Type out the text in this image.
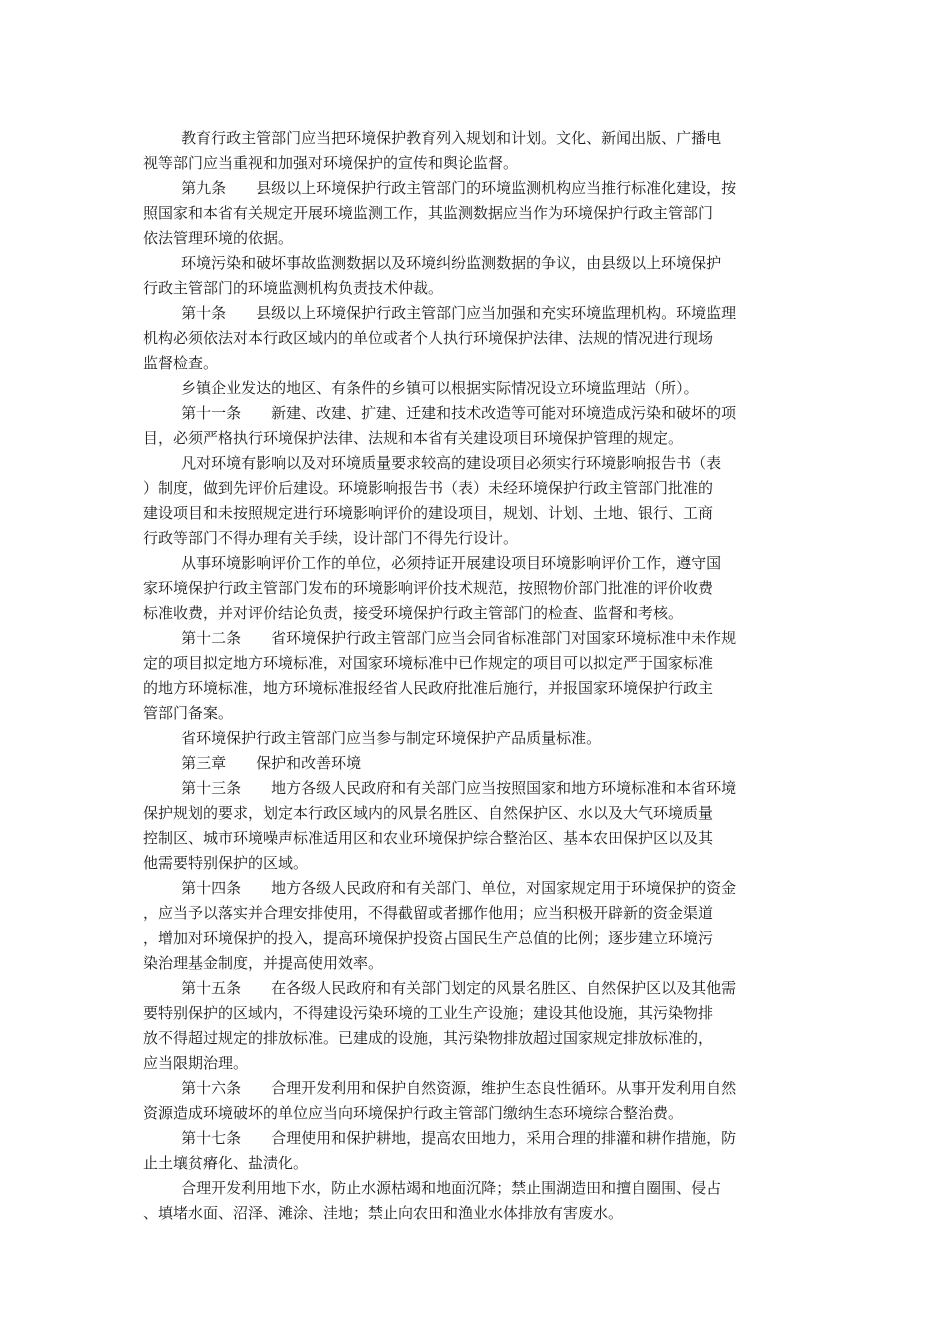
教育行政主管部门应当把环境保护教育列入规划和计划。文化、新闻出版、广播电
视等部门应当重视和加强对环境保护的宣传和舆论监督。
第九条　　县级以上环境保护行政主管部门的环境监测机构应当推行标准化建设，按
照国家和本省有关规定开展环境监测工作，其监测数据应当作为环境保护行政主管部门
依法管理环境的依据。
环境污染和破坏事故监测数据以及环境纠纷监测数据的争议，由县级以上环境保护
行政主管部门的环境监测机构负责技术仲裁。
第十条　　县级以上环境保护行政主管部门应当加强和充实环境监理机构。环境监理
机构必须依法对本行政区域内的单位或者个人执行环境保护法律、法规的情况进行现场
监督检查。
乡镇企业发达的地区、有条件的乡镇可以根据实际情况设立环境监理站（所）。
第十一条　　新建、改建、扩建、迁建和技术改造等可能对环境造成污染和破坏的项
目，必须严格执行环境保护法律、法规和本省有关建设项目环境保护管理的规定。
凡对环境有影响以及对环境质量要求较高的建设项目必须实行环境影响报告书（表
）制度，做到先评价后建设。环境影响报告书（表）未经环境保护行政主管部门批准的
建设项目和未按照规定进行环境影响评价的建设项目，规划、计划、土地、银行、工商
行政等部门不得办理有关手续，设计部门不得先行设计。
从事环境影响评价工作的单位，必须持证开展建设项目环境影响评价工作，遵守国
家环境保护行政主管部门发布的环境影响评价技术规范，按照物价部门批准的评价收费
标准收费，并对评价结论负责，接受环境保护行政主管部门的检查、监督和考核。
第十二条　　省环境保护行政主管部门应当会同省标准部门对国家环境标准中未作规
定的项目拟定地方环境标准，对国家环境标准中已作规定的项目可以拟定严于国家标准
的地方环境标准，地方环境标准报经省人民政府批准后施行，并报国家环境保护行政主
管部门备案。
省环境保护行政主管部门应当参与制定环境保护产品质量标准。
第三章　　保护和改善环境
第十三条　　地方各级人民政府和有关部门应当按照国家和地方环境标准和本省环境
保护规划的要求，划定本行政区域内的风景名胜区、自然保护区、水以及大气环境质量
控制区、城市环境噪声标准适用区和农业环境保护综合整治区、基本农田保护区以及其
他需要特别保护的区域。
第十四条　　地方各级人民政府和有关部门、单位，对国家规定用于环境保护的资金
，应当予以落实并合理安排使用，不得截留或者挪作他用；应当积极开辟新的资金渠道
，增加对环境保护的投入，提高环境保护投资占国民生产总值的比例；逐步建立环境污
染治理基金制度，并提高使用效率。
第十五条　　在各级人民政府和有关部门划定的风景名胜区、自然保护区以及其他需
要特别保护的区域内，不得建设污染环境的工业生产设施；建设其他设施，其污染物排
放不得超过规定的排放标准。已建成的设施，其污染物排放超过国家规定排放标准的，
应当限期治理。
第十六条　　合理开发利用和保护自然资源，维护生态良性循环。从事开发利用自然
资源造成环境破坏的单位应当向环境保护行政主管部门缴纳生态环境综合整治费。
第十七条　　合理使用和保护耕地，提高农田地力，采用合理的排灌和耕作措施，防
止土壤贫瘠化、盐渍化。
合理开发利用地下水，防止水源枯竭和地面沉降；禁止围湖造田和擅自圈围、侵占
、填堵水面、沼泽、滩涂、洼地；禁止向农田和渔业水体排放有害废水。
